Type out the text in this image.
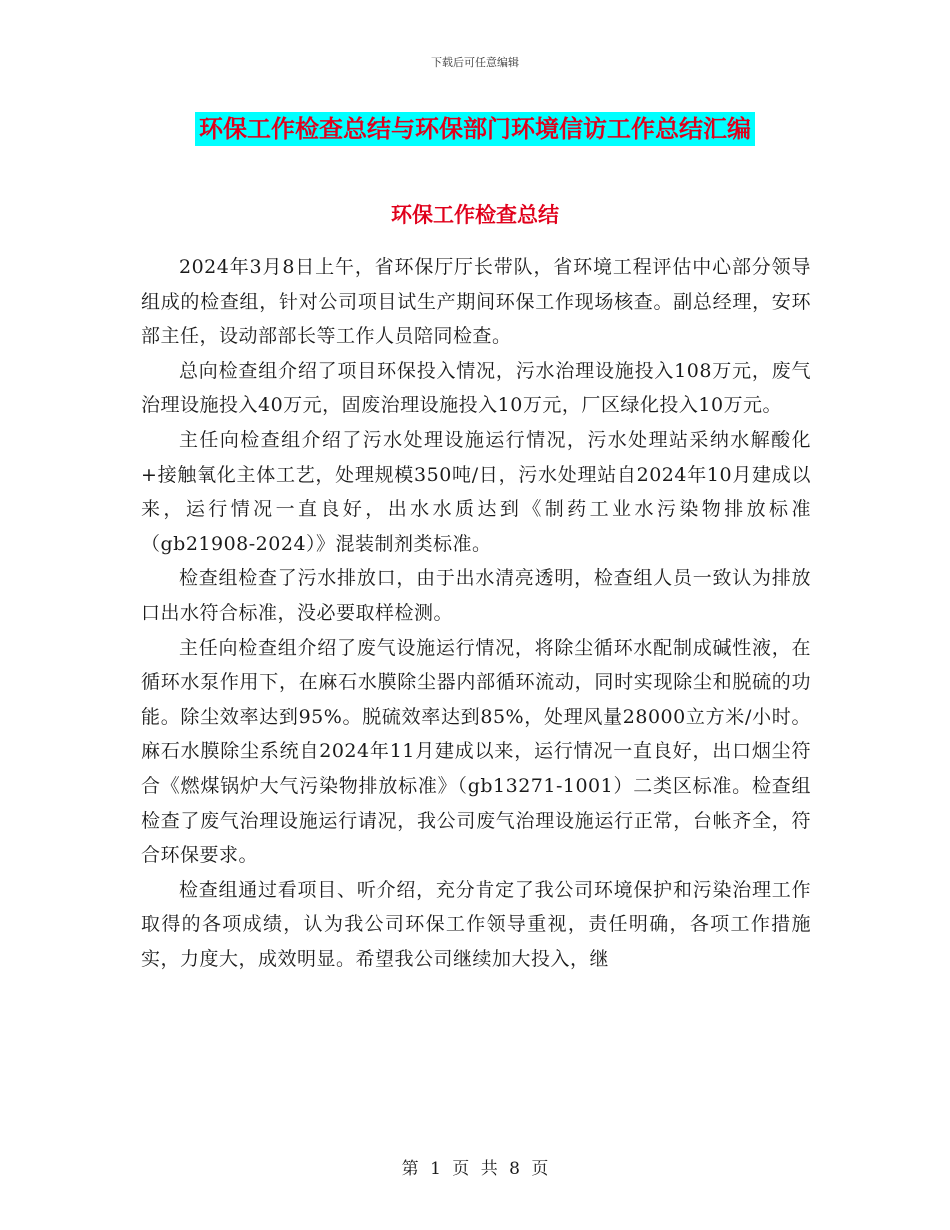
下载后可任意编辑
环保工作检查总结与环保部门环境信访工作总结汇编
环保工作检查总结

2024年3月8日上午，省环保厅厅长带队，省环境工程评估中心部分领导组成的检查组，针对公司项目试生产期间环保工作现场核查。副总经理，安环部主任，设动部部长等工作人员陪同检查。

总向检查组介绍了项目环保投入情况，污水治理设施投入108万元，废气治理设施投入40万元，固废治理设施投入10万元，厂区绿化投入10万元。

主任向检查组介绍了污水处理设施运行情况，污水处理站采纳水解酸化+接触氧化主体工艺，处理规模350吨/日，污水处理站自2024年10月建成以来，运行情况一直良好，出水水质达到《制药工业水污染物排放标准（gb21908-2024）》混装制剂类标准。

检查组检查了污水排放口，由于出水清亮透明，检查组人员一致认为排放口出水符合标准，没必要取样检测。

主任向检查组介绍了废气设施运行情况，将除尘循环水配制成碱性液，在循环水泵作用下，在麻石水膜除尘器内部循环流动，同时实现除尘和脱硫的功能。除尘效率达到95%。脱硫效率达到85%，处理风量28000立方米/小时。麻石水膜除尘系统自2024年11月建成以来，运行情况一直良好，出口烟尘符合《燃煤锅炉大气污染物排放标准》（gb13271-1001）二类区标准。检查组检查了废气治理设施运行请况，我公司废气治理设施运行正常，台帐齐全，符合环保要求。

检查组通过看项目、听介绍，充分肯定了我公司环境保护和污染治理工作取得的各项成绩，认为我公司环保工作领导重视，责任明确，各项工作措施实，力度大，成效明显。希望我公司继续加大投入，继

第 1 页 共 8 页
